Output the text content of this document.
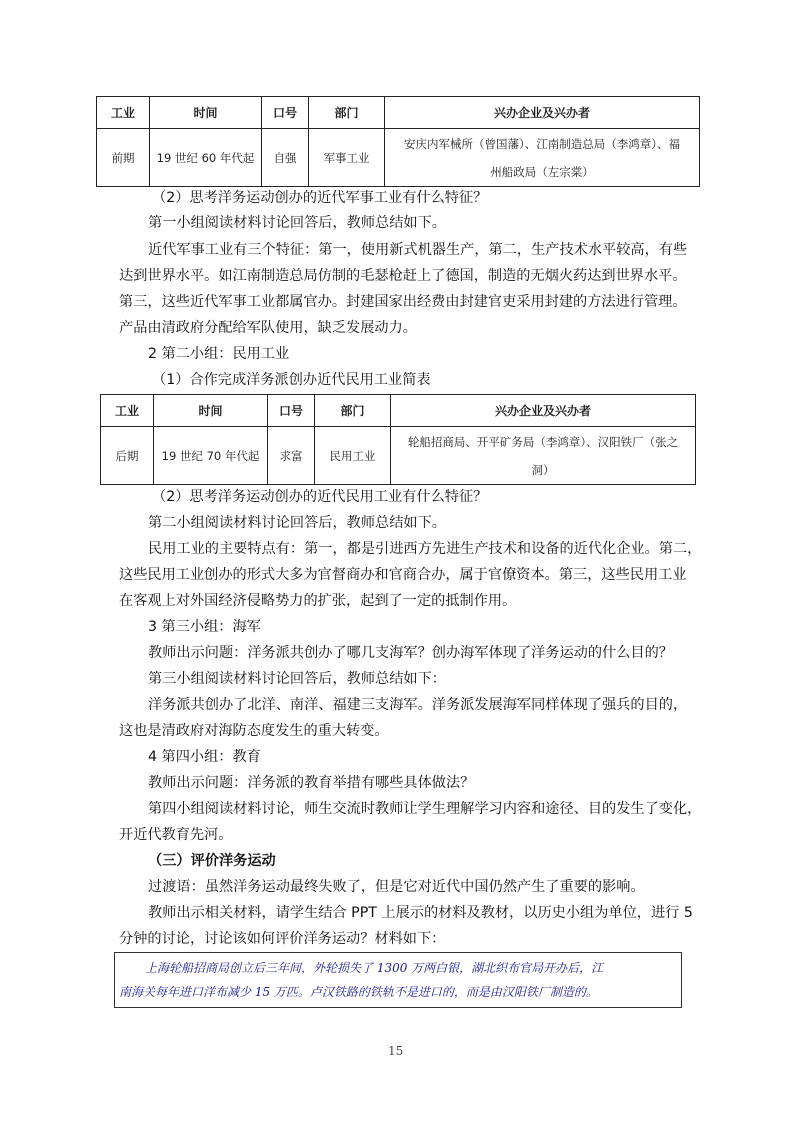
工业	时间	口号	部门	兴办企业及兴办者
前期	19 世纪 60 年代起	自强	军事工业	安庆内军械所（曾国藩）、江南制造总局（李鸿章）、福
州船政局（左宗棠）
（2）思考洋务运动创办的近代军事工业有什么特征？
第一小组阅读材料讨论回答后，教师总结如下。
近代军事工业有三个特征：第一，使用新式机器生产，第二，生产技术水平较高，有些
达到世界水平。如江南制造总局仿制的毛瑟枪赶上了德国，制造的无烟火药达到世界水平。
第三，这些近代军事工业都属官办。封建国家出经费由封建官吏采用封建的方法进行管理。
产品由清政府分配给军队使用，缺乏发展动力。
2 第二小组：民用工业
（1）合作完成洋务派创办近代民用工业简表
工业	时间	口号	部门	兴办企业及兴办者
后期	19 世纪 70 年代起	求富	民用工业	轮船招商局、开平矿务局（李鸿章）、汉阳铁厂（张之
洞）
（2）思考洋务运动创办的近代民用工业有什么特征？
第二小组阅读材料讨论回答后，教师总结如下。
民用工业的主要特点有：第一，都是引进西方先进生产技术和设备的近代化企业。第二，
这些民用工业创办的形式大多为官督商办和官商合办，属于官僚资本。第三，这些民用工业
在客观上对外国经济侵略势力的扩张，起到了一定的抵制作用。
3 第三小组：海军
教师出示问题：洋务派共创办了哪几支海军？创办海军体现了洋务运动的什么目的？
第三小组阅读材料讨论回答后，教师总结如下：
洋务派共创办了北洋、南洋、福建三支海军。洋务派发展海军同样体现了强兵的目的，
这也是清政府对海防态度发生的重大转变。
4 第四小组：教育
教师出示问题：洋务派的教育举措有哪些具体做法？
第四小组阅读材料讨论，师生交流时教师让学生理解学习内容和途径、目的发生了变化，
开近代教育先河。
（三）评价洋务运动
过渡语：虽然洋务运动最终失败了，但是它对近代中国仍然产生了重要的影响。
教师出示相关材料，请学生结合 PPT 上展示的材料及教材，以历史小组为单位，进行 5
分钟的讨论，讨论该如何评价洋务运动？材料如下：
上海轮船招商局创立后三年间，外轮损失了 1300 万两白银，湖北织布官局开办后，江
南海关每年进口洋布减少 15 万匹。卢汉铁路的铁轨不是进口的，而是由汉阳铁厂制造的。
15
